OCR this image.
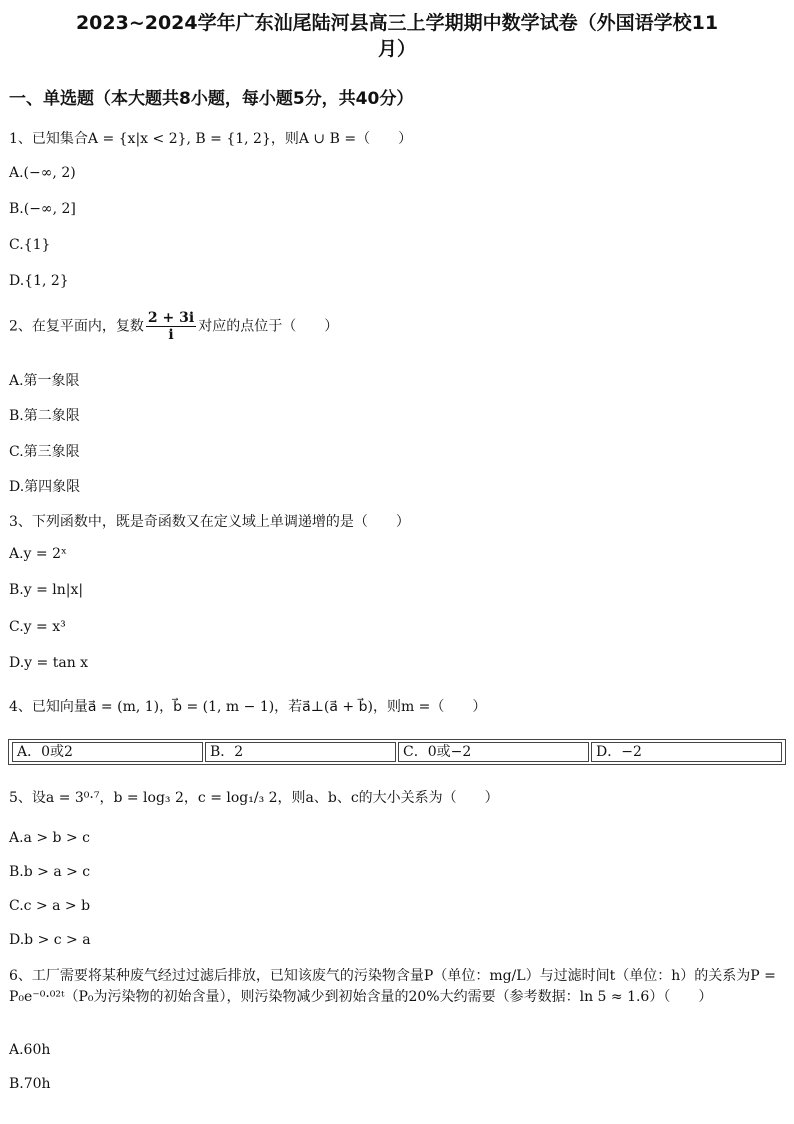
2023~2024学年广东汕尾陆河县高三上学期期中数学试卷（外国语学校11
月）
一、单选题（本大题共8小题，每小题5分，共40分）
1、已知集合A = {x|x < 2}, B = {1, 2}，则A ∪ B =（　　）
A.(−∞, 2)
B.(−∞, 2]
C.{1}
D.{1, 2}
2、在复平面内，复数 $\frac{2 + 3i}{i}$ 对应的点位于（　　）
A.第一象限
B.第二象限
C.第三象限
D.第四象限
3、下列函数中，既是奇函数又在定义域上单调递增的是（　　）
A.y = 2ˣ
B.y = ln|x|
C.y = x³
D.y = tan x
4、已知向量a⃗ = (m, 1)，b⃗ = (1, m − 1)，若a⃗⊥(a⃗ + b⃗)，则m =（　　）
A．0或2	B．2	C．0或−2	D．−2
5、设a = 3⁰·⁷，b = log₃ 2，c = log₁/₃ 2，则a、b、c的大小关系为（　　）
A.a > b > c
B.b > a > c
C.c > a > b
D.b > c > a
6、工厂需要将某种废气经过过滤后排放，已知该废气的污染物含量P（单位：mg/L）与过滤时间t（单位：h）的关系为P = P₀e⁻⁰·⁰²ᵗ（P₀为污染物的初始含量），则污染物减少到初始含量的20%大约需要（参考数据：ln 5 ≈ 1.6）（　　）
A.60h
B.70h
